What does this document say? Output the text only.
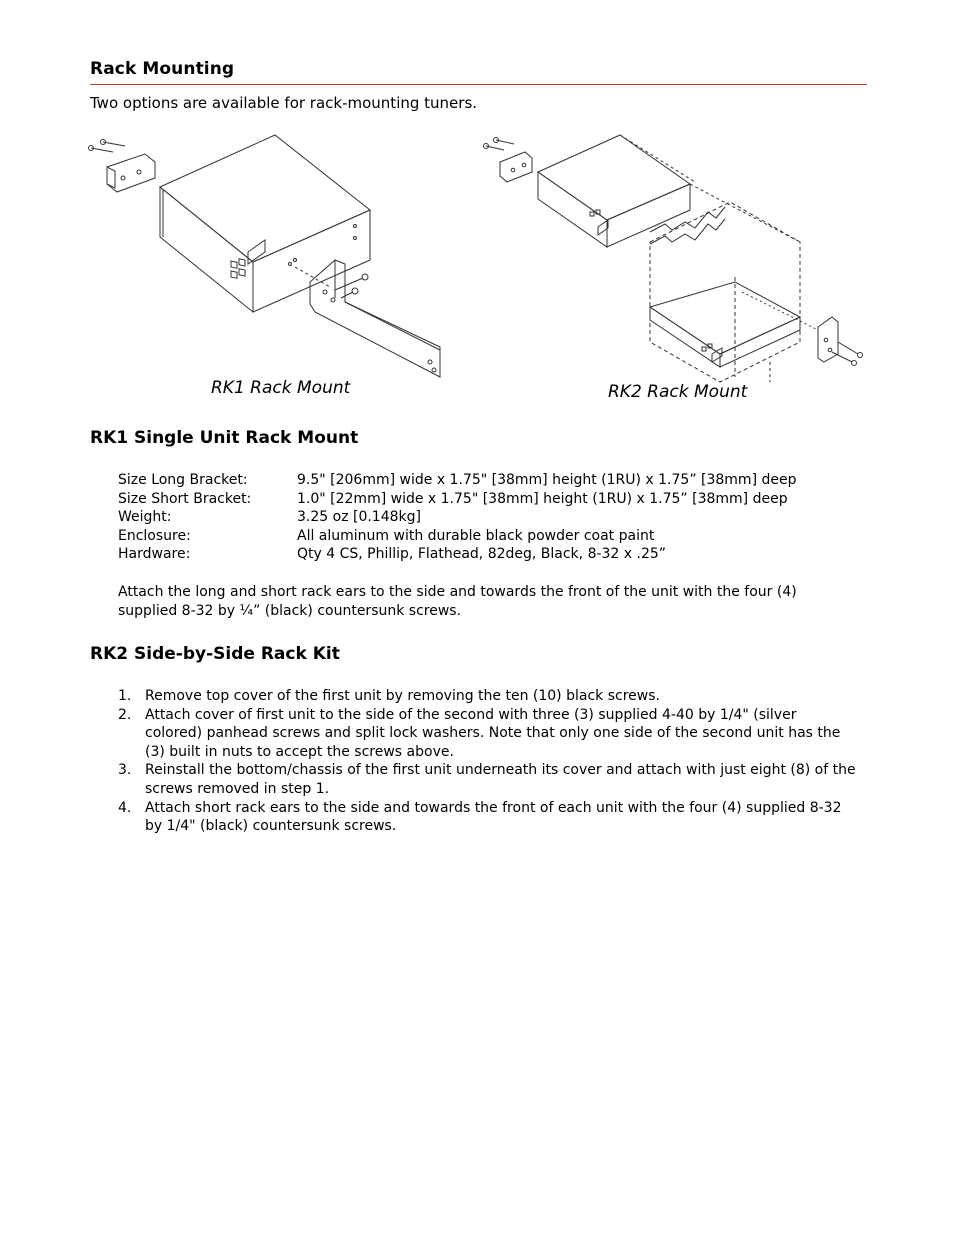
Rack Mounting
Two options are available for rack-mounting tuners.
RK1 Rack Mount	RK2 Rack Mount
RK1 Single Unit Rack Mount
Size Long Bracket:	9.5" [206mm] wide x 1.75" [38mm] height (1RU) x 1.75” [38mm] deep
Size Short Bracket:	1.0" [22mm] wide x 1.75" [38mm] height (1RU) x 1.75” [38mm] deep
Weight:	3.25 oz [0.148kg]
Enclosure:	All aluminum with durable black powder coat paint
Hardware:	Qty 4 CS, Phillip, Flathead, 82deg, Black, 8-32 x .25”
Attach the long and short rack ears to the side and towards the front of the unit with the four (4) supplied 8-32 by ¼” (black) countersunk screws.
RK2 Side-by-Side Rack Kit
1. Remove top cover of the first unit by removing the ten (10) black screws.
2. Attach cover of first unit to the side of the second with three (3) supplied 4-40 by 1/4" (silver colored) panhead screws and split lock washers. Note that only one side of the second unit has the (3) built in nuts to accept the screws above.
3. Reinstall the bottom/chassis of the first unit underneath its cover and attach with just eight (8) of the screws removed in step 1.
4. Attach short rack ears to the side and towards the front of each unit with the four (4) supplied 8-32 by 1/4" (black) countersunk screws.
